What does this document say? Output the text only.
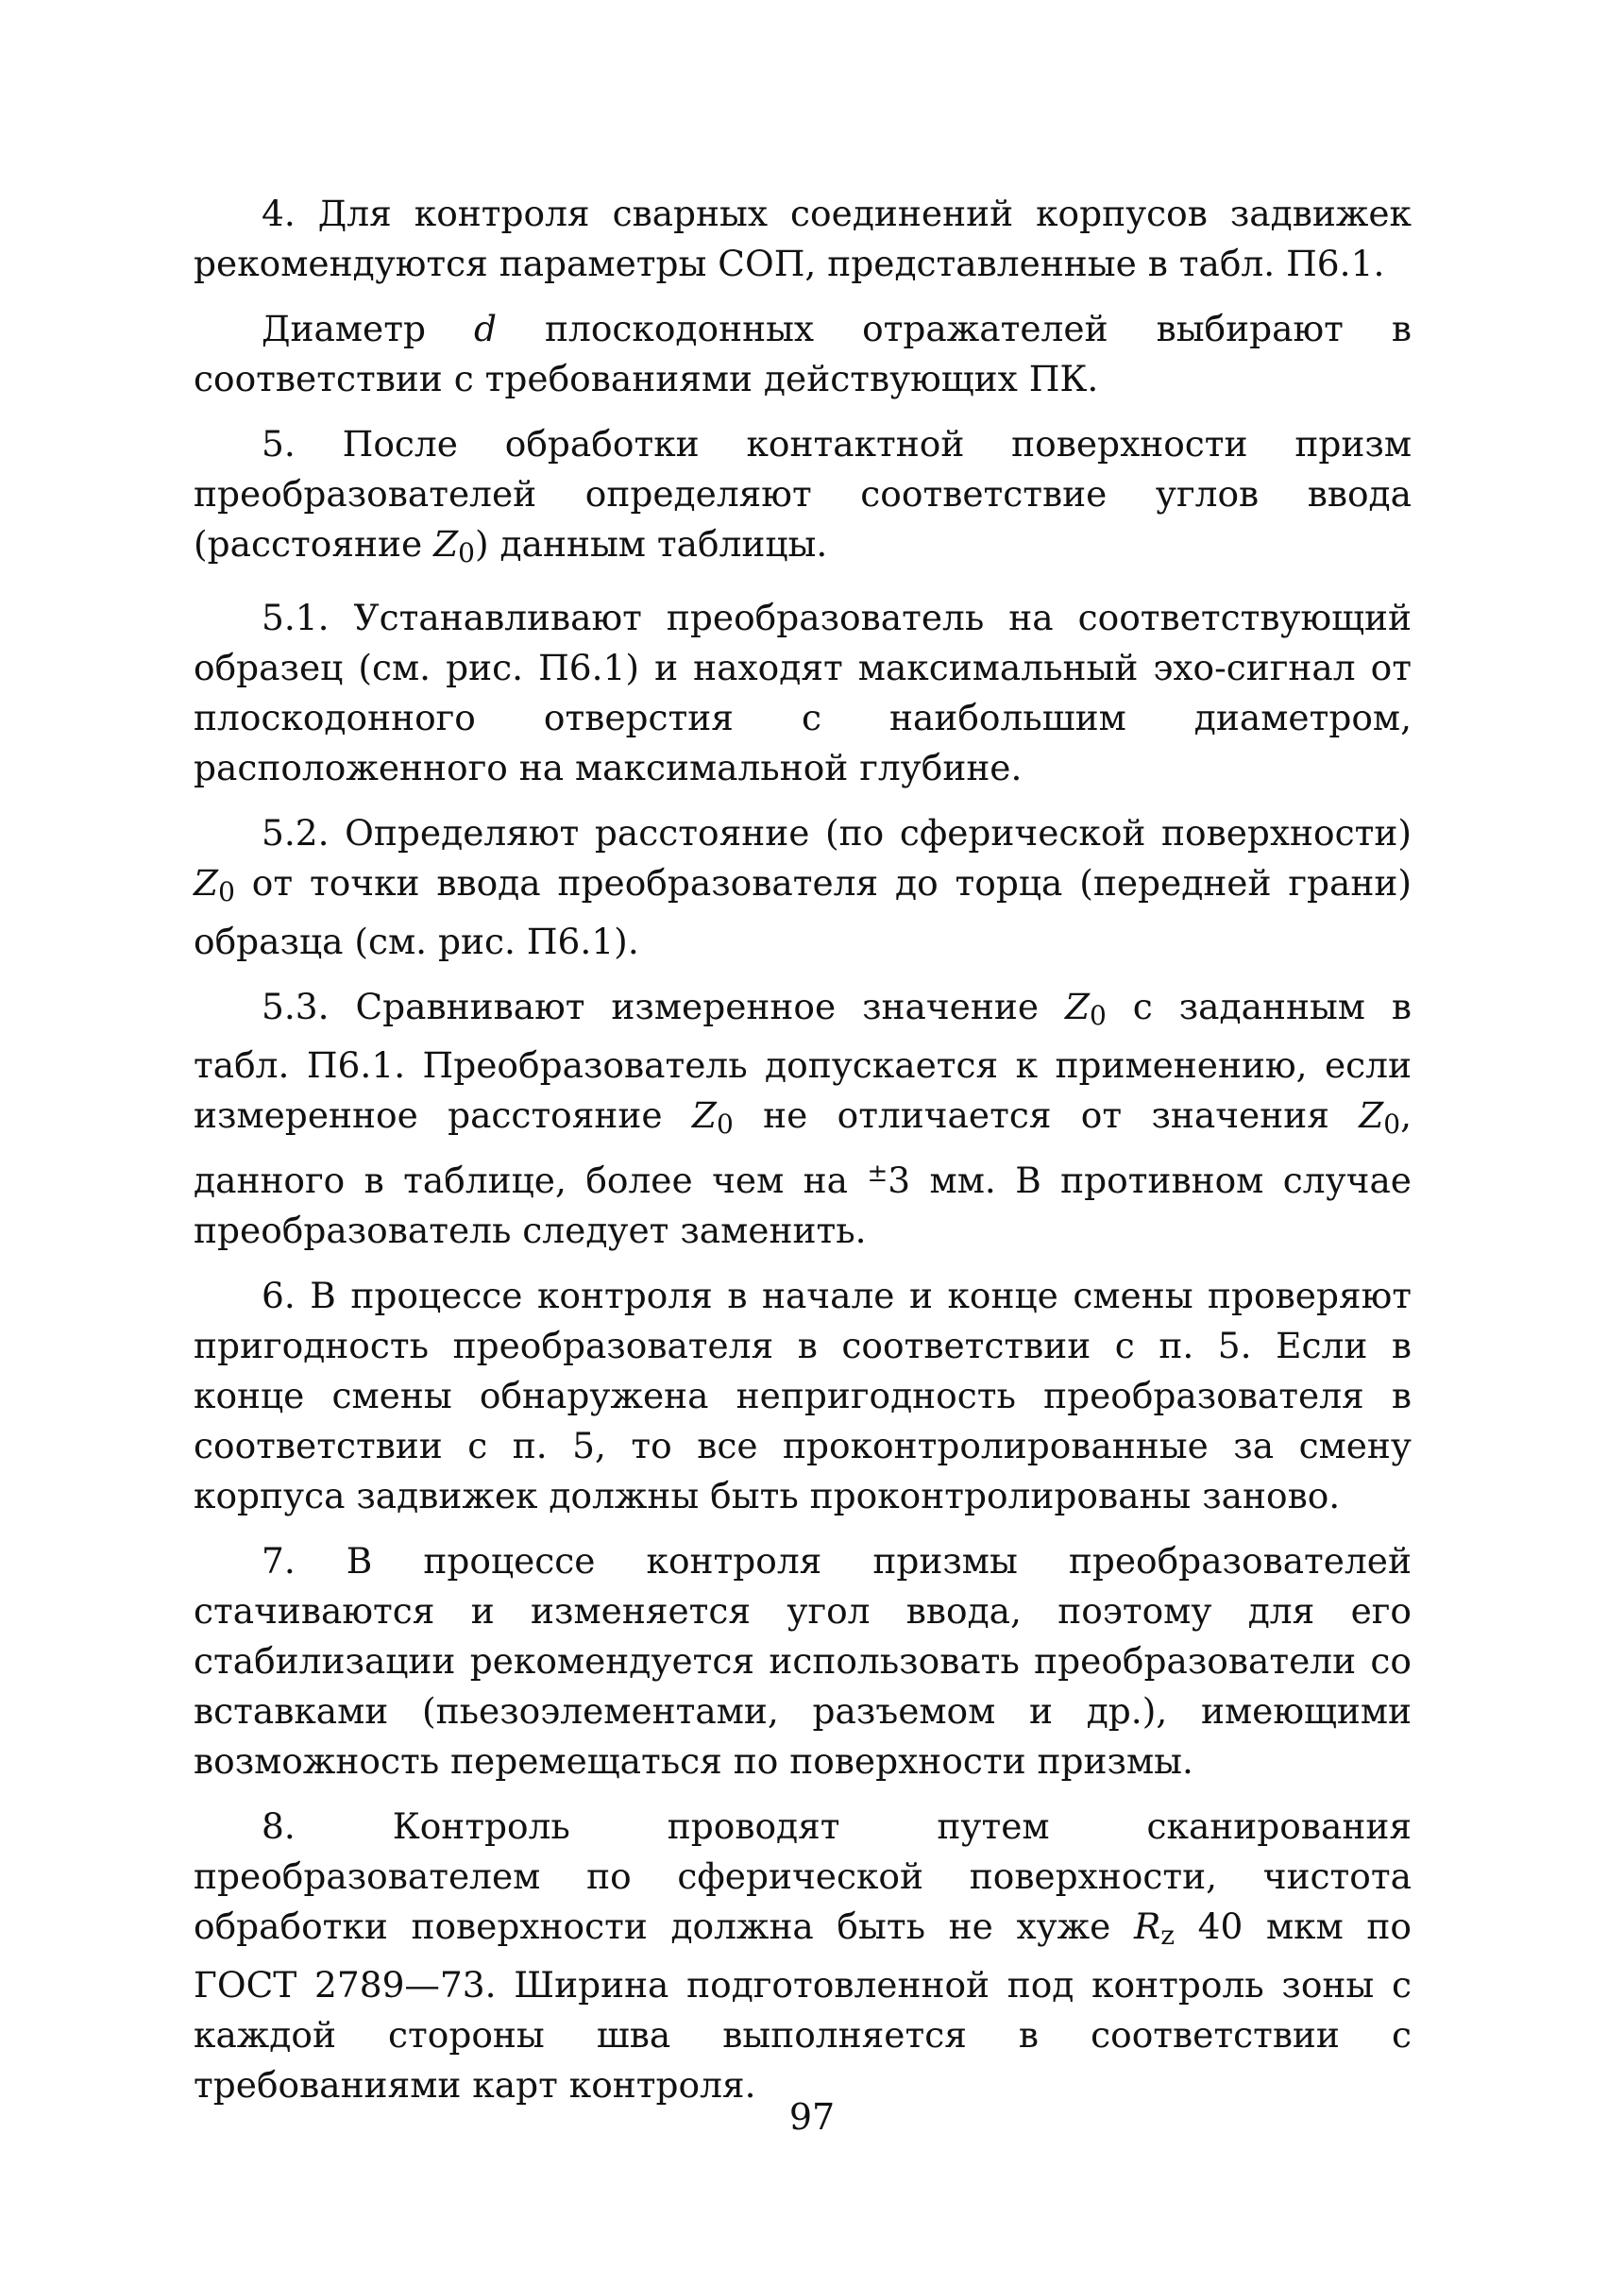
4. Для контроля сварных соединений корпусов задвижек рекомендуются параметры СОП, представленные в табл. П6.1.

Диаметр d плоскодонных отражателей выбирают в соответствии с требованиями действующих ПК.

5. После обработки контактной поверхности призм преобразователей определяют соответствие углов ввода (расстояние $Z_0$) данным таблицы.

5.1. Устанавливают преобразователь на соответствующий образец (см. рис. П6.1) и находят максимальный эхо-сигнал от плоскодонного отверстия с наибольшим диаметром, расположенного на максимальной глубине.

5.2. Определяют расстояние (по сферической поверхности) $Z_0$ от точки ввода преобразователя до торца (передней грани) образца (см. рис. П6.1).

5.3. Сравнивают измеренное значение $Z_0$ с заданным в табл. П6.1. Преобразователь допускается к применению, если измеренное расстояние $Z_0$ не отличается от значения $Z_0$, данного в таблице, более чем на ±3 мм. В противном случае преобразователь следует заменить.

6. В процессе контроля в начале и конце смены проверяют пригодность преобразователя в соответствии с п. 5. Если в конце смены обнаружена непригодность преобразователя в соответствии с п. 5, то все проконтролированные за смену корпуса задвижек должны быть проконтролированы заново.

7. В процессе контроля призмы преобразователей стачиваются и изменяется угол ввода, поэтому для его стабилизации рекомендуется использовать преобразователи со вставками (пьезоэлементами, разъемом и др.), имеющими возможность перемещаться по поверхности призмы.

8. Контроль проводят путем сканирования преобразователем по сферической поверхности, чистота обработки поверхности должна быть не хуже $R_z$ 40 мкм по ГОСТ 2789—73. Ширина подготовленной под контроль зоны с каждой стороны шва выполняется в соответствии с требованиями карт контроля.

97
